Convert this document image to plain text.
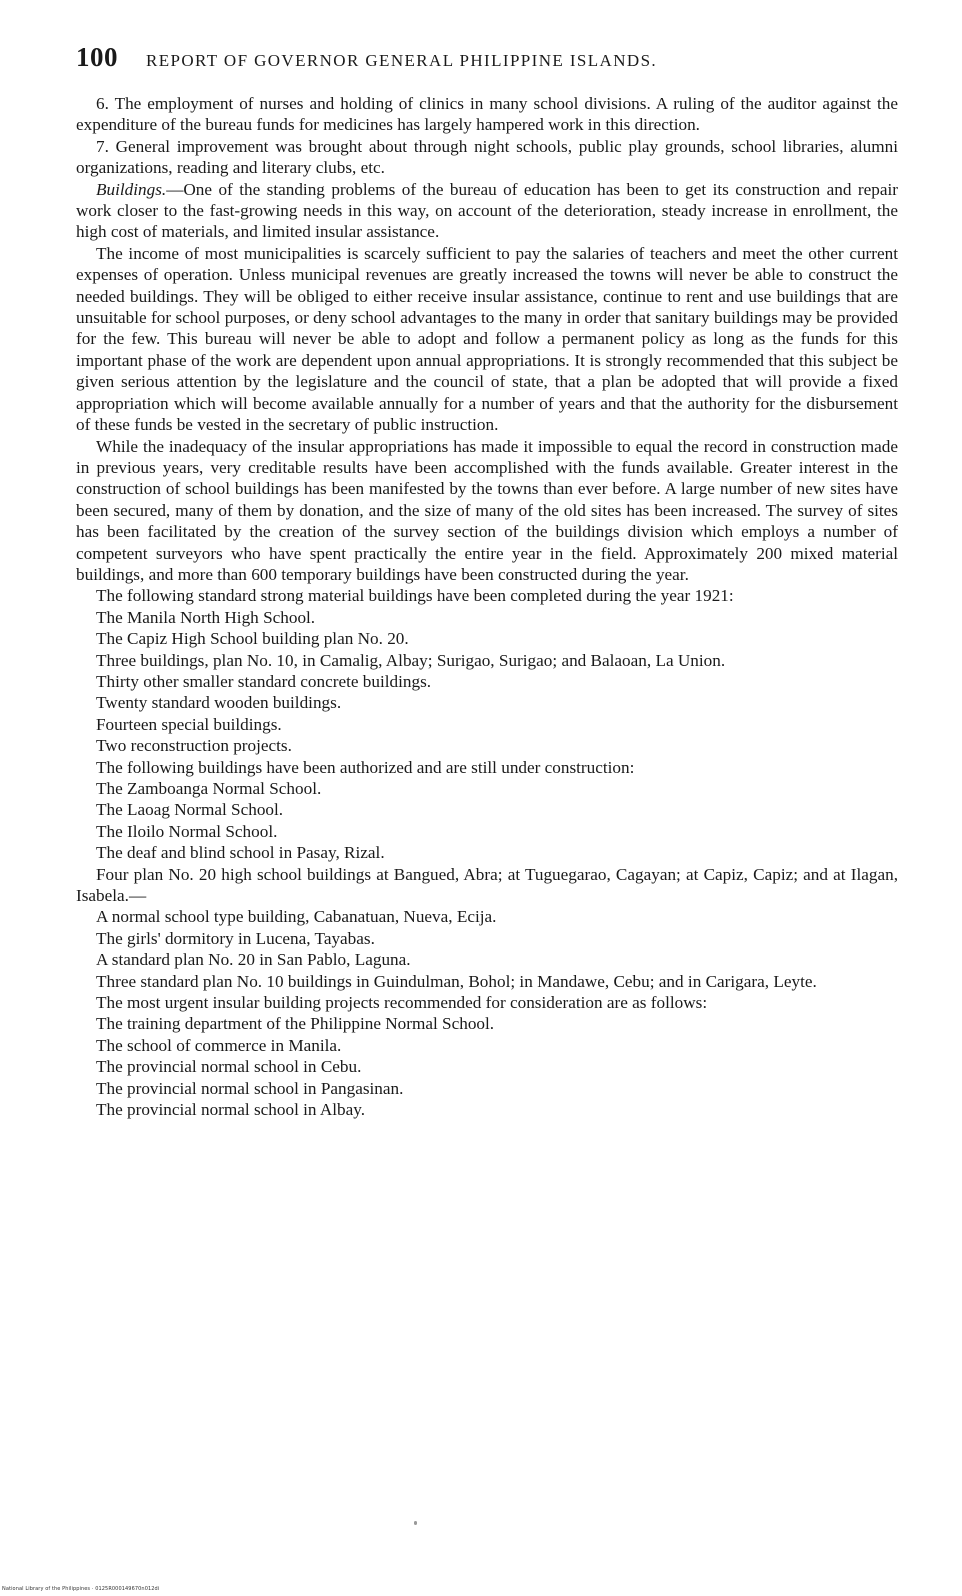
100 REPORT OF GOVERNOR GENERAL PHILIPPINE ISLANDS.

6. The employment of nurses and holding of clinics in many school divisions. A ruling of the auditor against the expenditure of the bureau funds for medicines has largely hampered work in this direction.

7. General improvement was brought about through night schools, public play grounds, school libraries, alumni organizations, reading and literary clubs, etc.

Buildings.—One of the standing problems of the bureau of education has been to get its construction and repair work closer to the fast-growing needs in this way, on account of the deterioration, steady increase in enrollment, the high cost of materials, and limited insular assistance.

The income of most municipalities is scarcely sufficient to pay the salaries of teachers and meet the other current expenses of operation. Unless municipal revenues are greatly increased the towns will never be able to construct the needed buildings. They will be obliged to either receive insular assistance, continue to rent and use buildings that are unsuitable for school purposes, or deny school advantages to the many in order that sanitary buildings may be provided for the few. This bureau will never be able to adopt and follow a permanent policy as long as the funds for this important phase of the work are dependent upon annual appropriations. It is strongly recommended that this subject be given serious attention by the legislature and the council of state, that a plan be adopted that will provide a fixed appropriation which will become available annually for a number of years and that the authority for the disbursement of these funds be vested in the secretary of public instruction.

While the inadequacy of the insular appropriations has made it impossible to equal the record in construction made in previous years, very creditable results have been accomplished with the funds available. Greater interest in the construction of school buildings has been manifested by the towns than ever before. A large number of new sites have been secured, many of them by donation, and the size of many of the old sites has been increased. The survey of sites has been facilitated by the creation of the survey section of the buildings division which employs a number of competent surveyors who have spent practically the entire year in the field. Approximately 200 mixed material buildings, and more than 600 temporary buildings have been constructed during the year.

The following standard strong material buildings have been completed during the year 1921:

The Manila North High School.

The Capiz High School building plan No. 20.

Three buildings, plan No. 10, in Camalig, Albay; Surigao, Surigao; and Balaoan, La Union.

Thirty other smaller standard concrete buildings.

Twenty standard wooden buildings.

Fourteen special buildings.

Two reconstruction projects.

The following buildings have been authorized and are still under construction:

The Zamboanga Normal School.

The Laoag Normal School.

The Iloilo Normal School.

The deaf and blind school in Pasay, Rizal.

Four plan No. 20 high school buildings at Bangued, Abra; at Tuguegarao, Cagayan; at Capiz, Capiz; and at Ilagan, Isabela.—

A normal school type building, Cabanatuan, Nueva, Ecija.

The girls' dormitory in Lucena, Tayabas.

A standard plan No. 20 in San Pablo, Laguna.

Three standard plan No. 10 buildings in Guindulman, Bohol; in Mandawe, Cebu; and in Carigara, Leyte.

The most urgent insular building projects recommended for consideration are as follows:

The training department of the Philippine Normal School.

The school of commerce in Manila.

The provincial normal school in Cebu.

The provincial normal school in Pangasinan.

The provincial normal school in Albay.

National Library of the Philippines · 0125R000149670n012di
